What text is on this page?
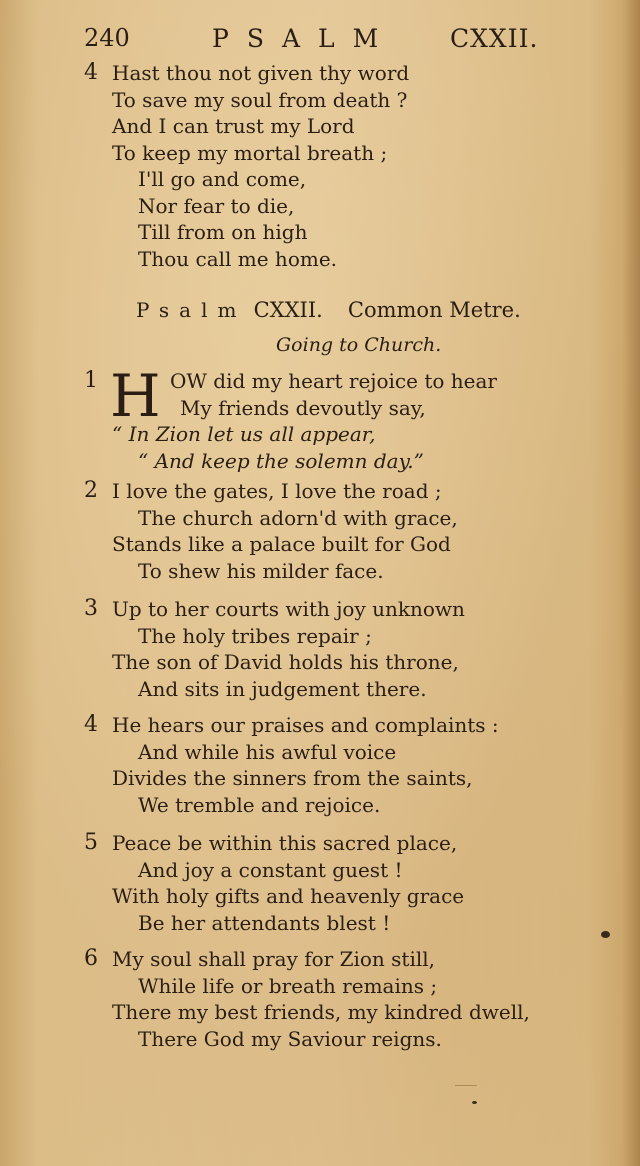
240	PSALM CXXII.
4 Hast thou not given thy word
To save my soul from death ?
And I can trust my Lord
To keep my mortal breath ;
I'll go and come,
Nor fear to die,
Till from on high
Thou call me home.
Psalm CXXII. Common Metre.
Going to Church.
1 H OW did my heart rejoice to hear
My friends devoutly say,
“ In Zion let us all appear,
“ And keep the solemn day.”
2 I love the gates, I love the road ;
The church adorn'd with grace,
Stands like a palace built for God
To shew his milder face.
3 Up to her courts with joy unknown
The holy tribes repair ;
The son of David holds his throne,
And sits in judgement there.
4 He hears our praises and complaints :
And while his awful voice
Divides the sinners from the saints,
We tremble and rejoice.
5 Peace be within this sacred place,
And joy a constant guest !
With holy gifts and heavenly grace
Be her attendants blest !
6 My soul shall pray for Zion still,
While life or breath remains ;
There my best friends, my kindred dwell,
There God my Saviour reigns.
